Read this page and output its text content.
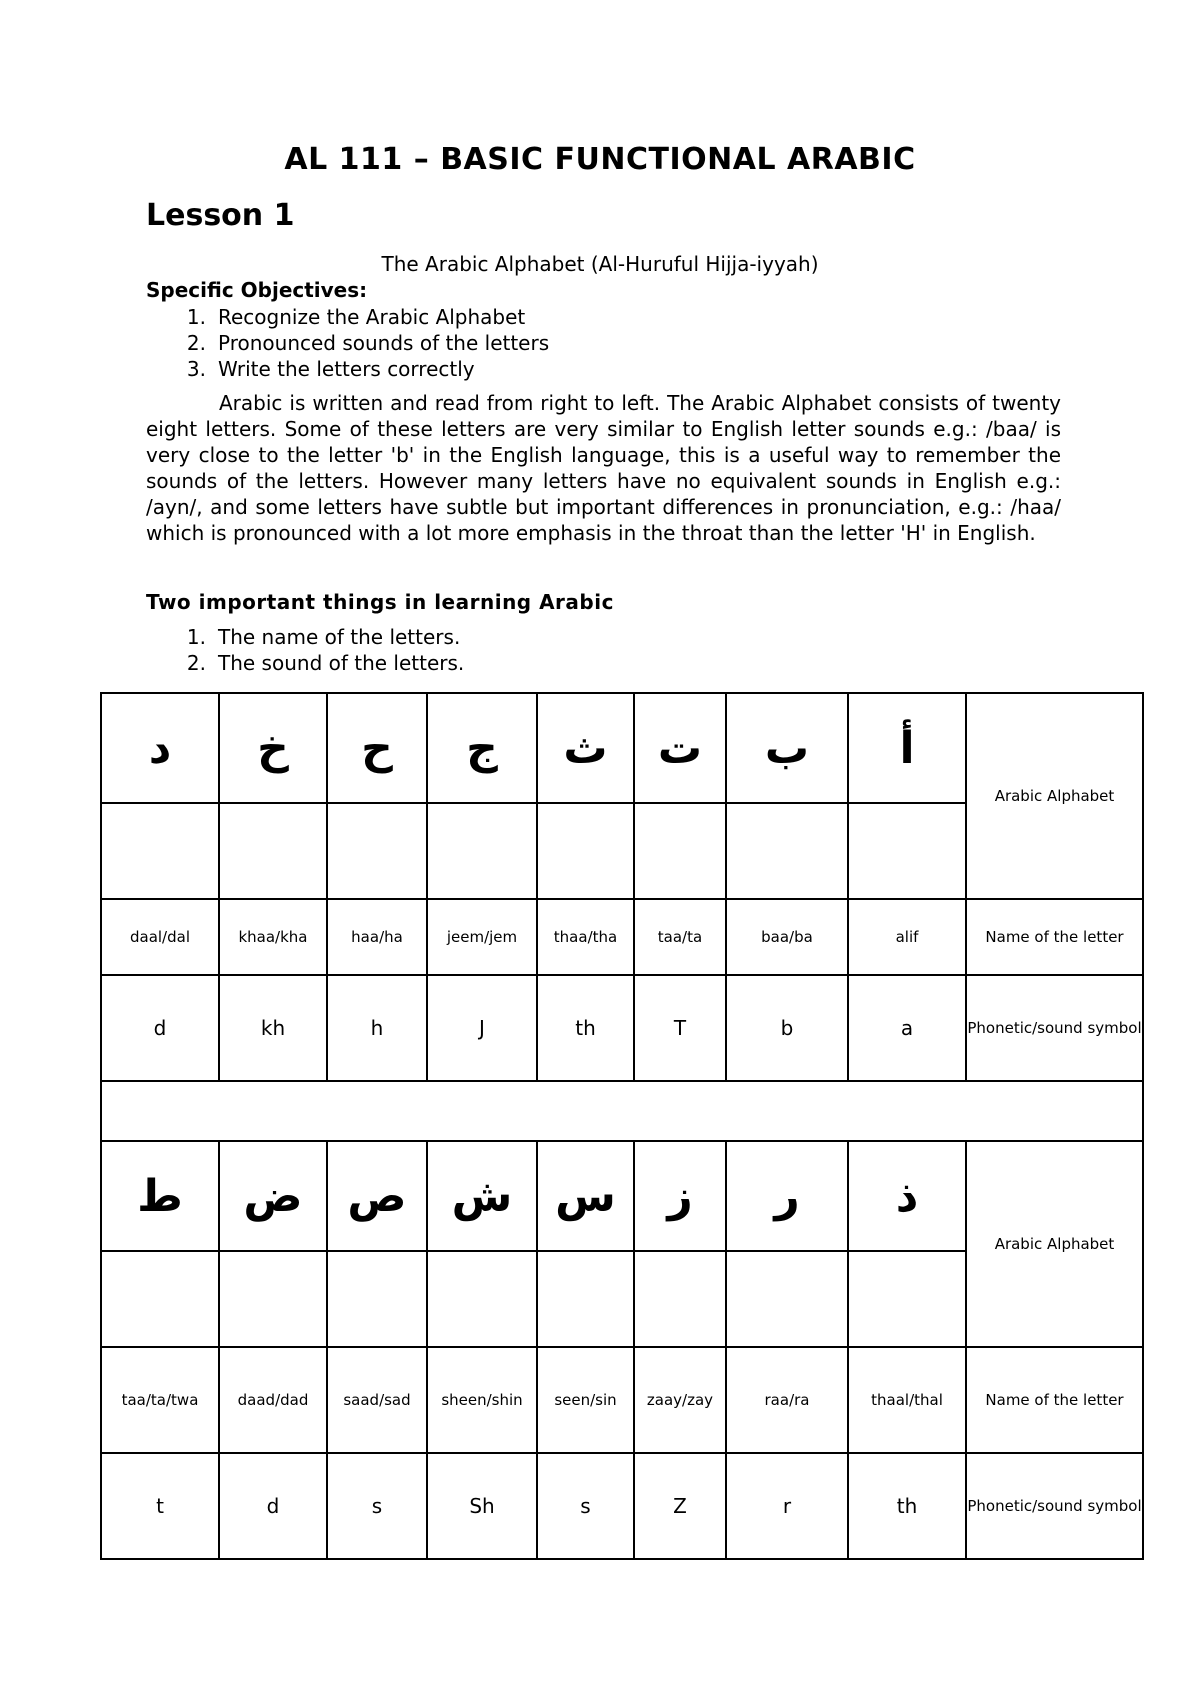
AL 111 – BASIC FUNCTIONAL ARABIC
Lesson 1
The Arabic Alphabet (Al-Huruful Hijja-iyyah)
Specific Objectives:
1. Recognize the Arabic Alphabet
2. Pronounced sounds of the letters
3. Write the letters correctly

Arabic is written and read from right to left. The Arabic Alphabet consists of twenty eight letters. Some of these letters are very similar to English letter sounds e.g.: /baa/ is very close to the letter 'b' in the English language, this is a useful way to remember the sounds of the letters. However many letters have no equivalent sounds in English e.g.: /ayn/, and some letters have subtle but important differences in pronunciation, e.g.: /haa/ which is pronounced with a lot more emphasis in the throat than the letter 'H' in English.

Two important things in learning Arabic
1. The name of the letters.
2. The sound of the letters.
د	خ	ح	ج	ث	ت	ب	أ	Arabic Alphabet

daal/dal	khaa/kha	haa/ha	jeem/jem	thaa/tha	taa/ta	baa/ba	alif	Name of the letter
d	kh	h	J	th	T	b	a	Phonetic/sound symbol

ط	ض	ص	ش	س	ز	ر	ذ	Arabic Alphabet

taa/ta/twa	daad/dad	saad/sad	sheen/shin	seen/sin	zaay/zay	raa/ra	thaal/thal	Name of the letter
t	d	s	Sh	s	Z	r	th	Phonetic/sound symbol
